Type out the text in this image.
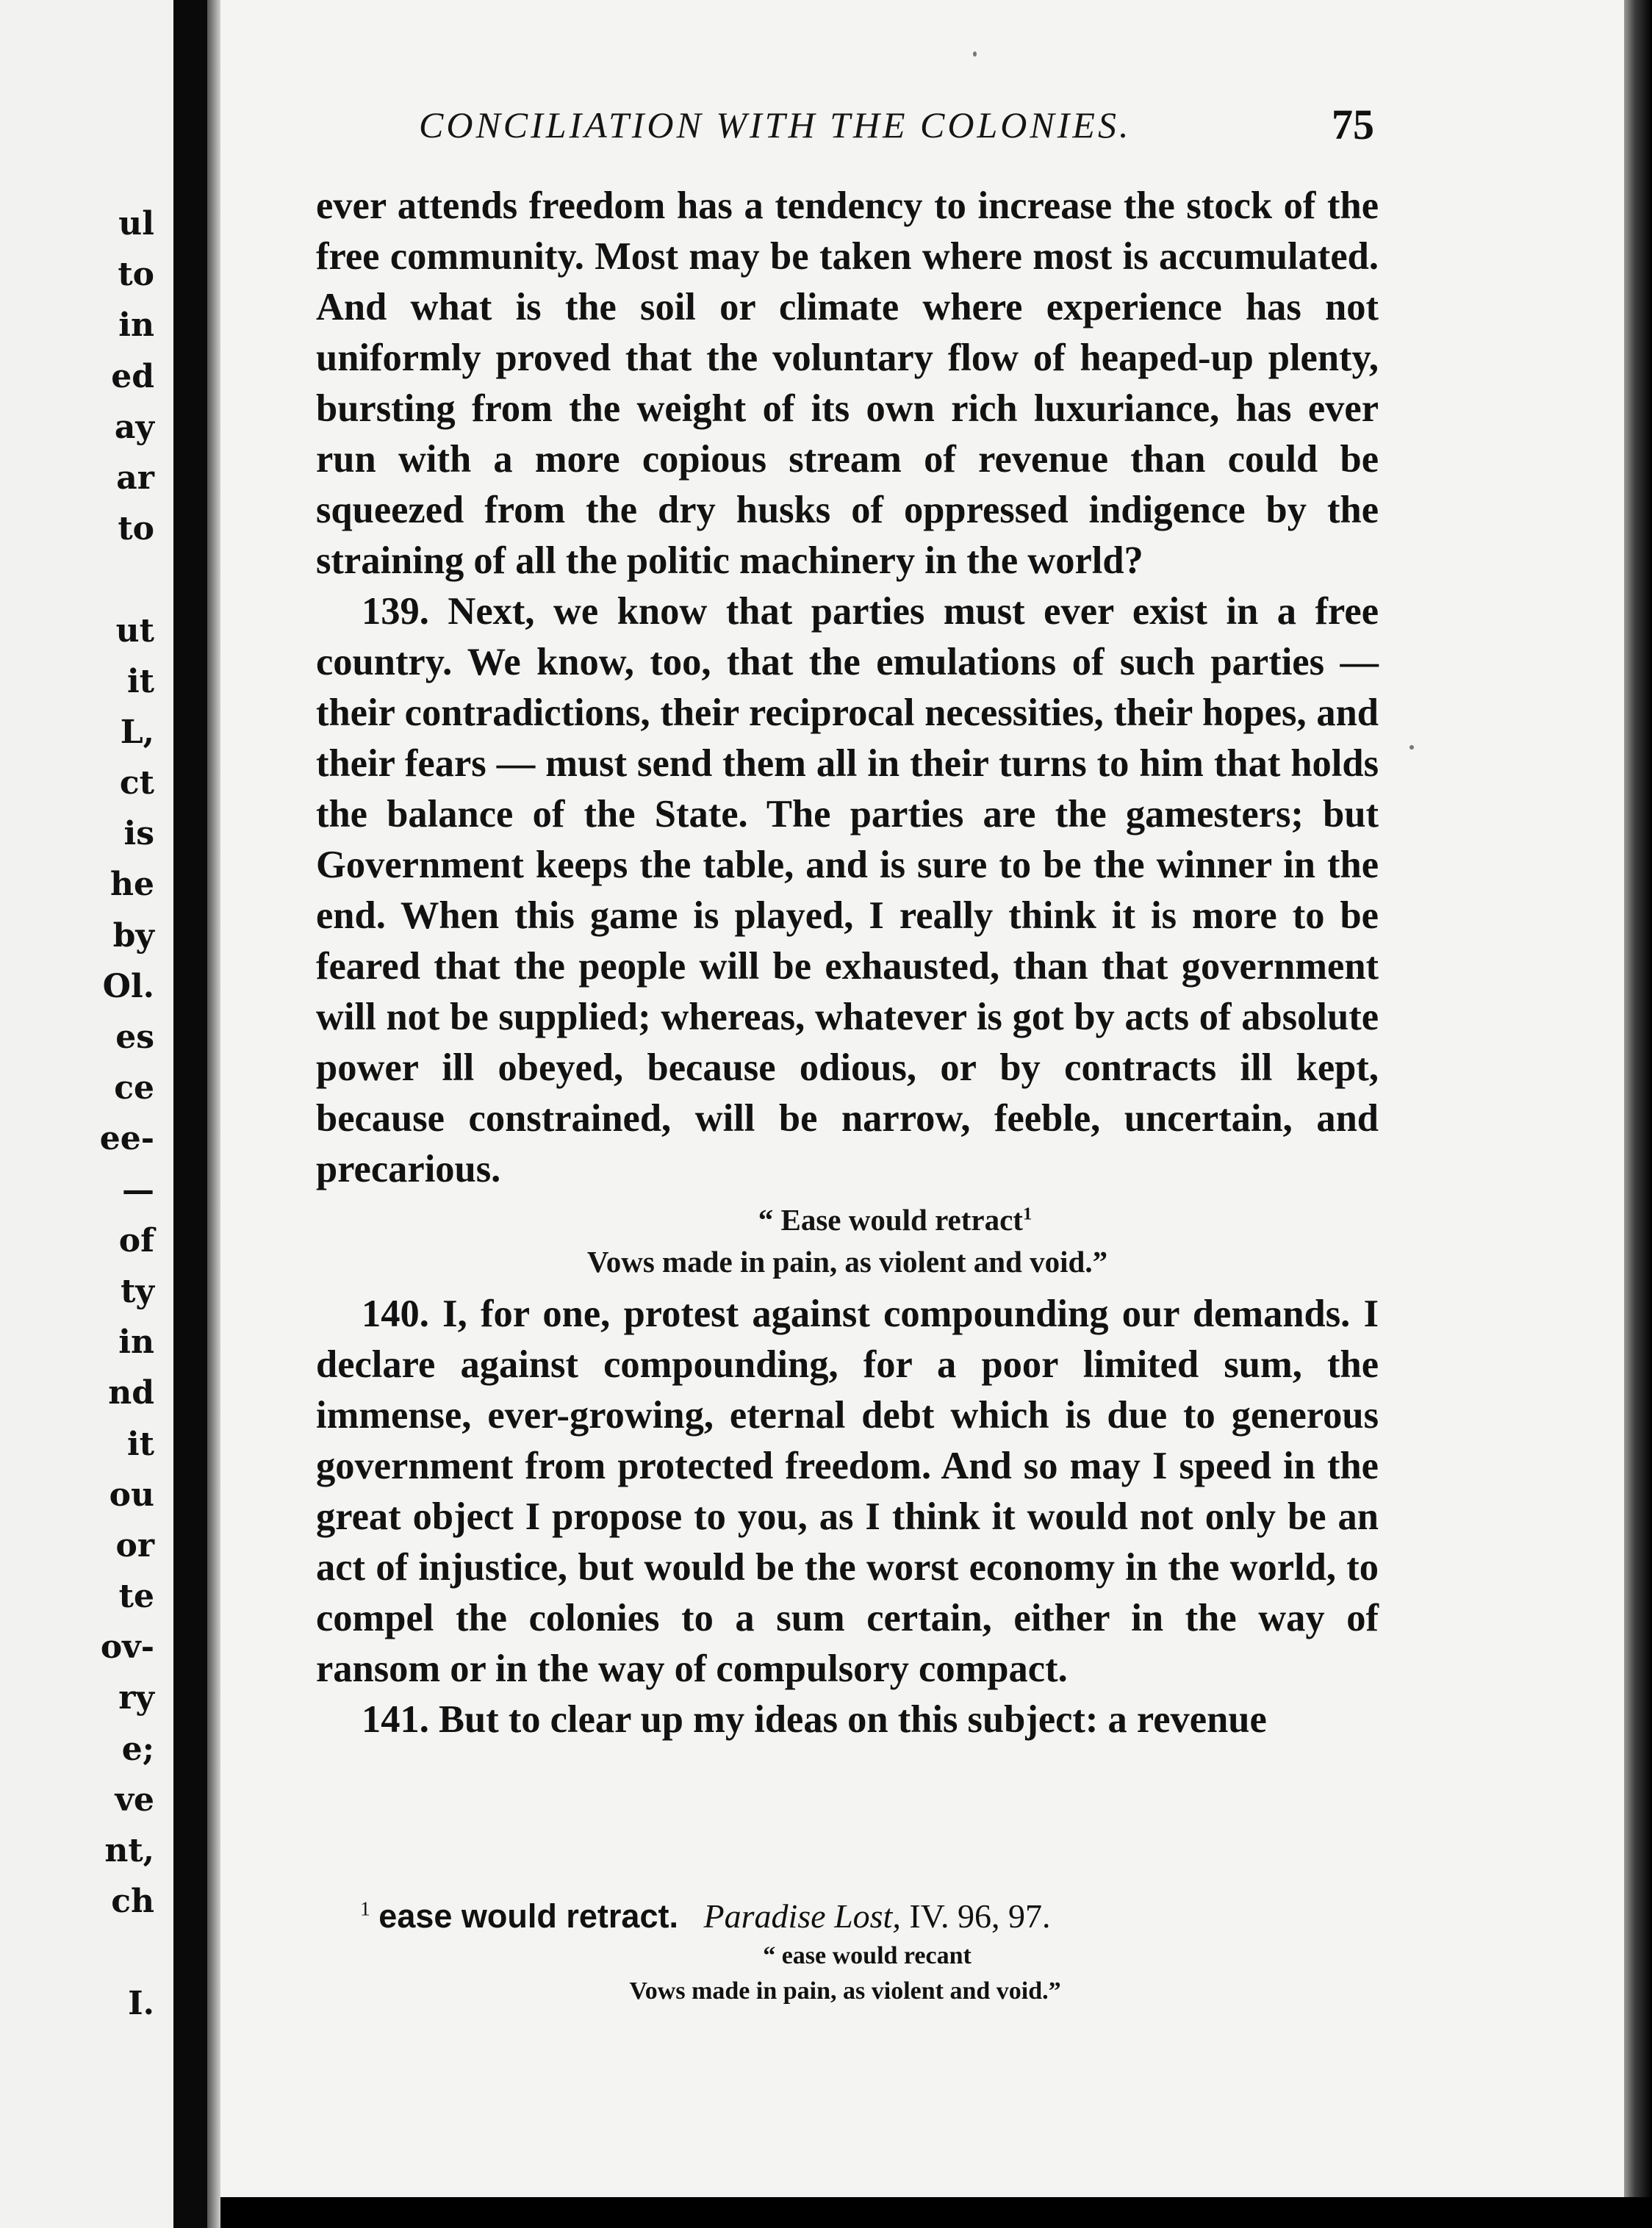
ul
to
in
ed
ay
ar
to
ut
it
L,
ct
is
he
by
Ol.
es
ce
ee-
—
of
ty
in
nd
it
ou
or
te
ov-
ry
e;
ve
nt,
ch
I.
CONCILIATION WITH THE COLONIES.	75

ever attends freedom has a tendency to increase the stock of the free community. Most may be taken where most is accumulated. And what is the soil or climate where experience has not uniformly proved that the voluntary flow of heaped-up plenty, bursting from the weight of its own rich luxuriance, has ever run with a more copious stream of revenue than could be squeezed from the dry husks of oppressed indigence by the straining of all the politic machinery in the world?

139. Next, we know that parties must ever exist in a free country. We know, too, that the emulations of such parties — their contradictions, their reciprocal necessities, their hopes, and their fears — must send them all in their turns to him that holds the balance of the State. The parties are the gamesters; but Government keeps the table, and is sure to be the winner in the end. When this game is played, I really think it is more to be feared that the people will be exhausted, than that government will not be supplied; whereas, whatever is got by acts of absolute power ill obeyed, because odious, or by contracts ill kept, because constrained, will be narrow, feeble, uncertain, and precarious.

“ Ease would retract$^1$
Vows made in pain, as violent and void.”

140. I, for one, protest against compounding our demands. I declare against compounding, for a poor limited sum, the immense, ever-growing, eternal debt which is due to generous government from protected freedom. And so may I speed in the great object I propose to you, as I think it would not only be an act of injustice, but would be the worst economy in the world, to compel the colonies to a sum certain, either in the way of ransom or in the way of compulsory compact.

141. But to clear up my ideas on this subject: a revenue

$^1$ ease would retract. Paradise Lost, IV. 96, 97.
“ ease would recant
Vows made in pain, as violent and void.”
